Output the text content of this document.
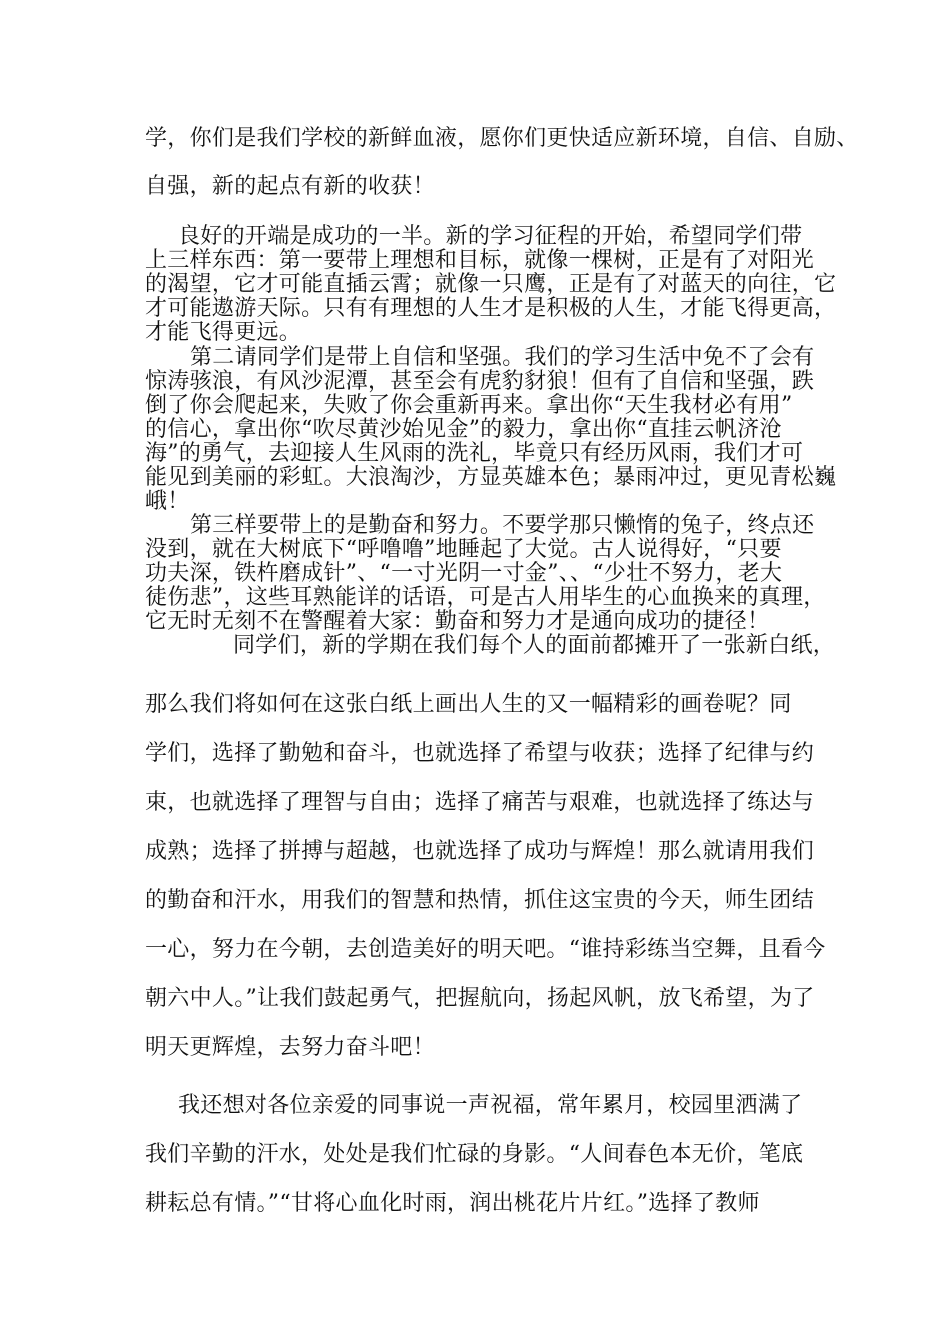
学，你们是我们学校的新鲜血液，愿你们更快适应新环境，自信、自励、
自强，新的起点有新的收获！
良好的开端是成功的一半。新的学习征程的开始，希望同学们带
上三样东西：第一要带上理想和目标，就像一棵树，正是有了对阳光
的渴望，它才可能直插云霄；就像一只鹰，正是有了对蓝天的向往，它
才可能遨游天际。只有有理想的人生才是积极的人生，才能飞得更高，
才能飞得更远。
第二请同学们是带上自信和坚强。我们的学习生活中免不了会有
惊涛骇浪，有风沙泥潭，甚至会有虎豹豺狼！但有了自信和坚强，跌
倒了你会爬起来，失败了你会重新再来。拿出你“天生我材必有用”
的信心，拿出你“吹尽黄沙始见金”的毅力，拿出你“直挂云帆济沧
海”的勇气，去迎接人生风雨的洗礼，毕竟只有经历风雨，我们才可
能见到美丽的彩虹。大浪淘沙，方显英雄本色；暴雨冲过，更见青松巍
峨！
第三样要带上的是勤奋和努力。不要学那只懒惰的兔子，终点还
没到，就在大树底下“呼噜噜”地睡起了大觉。古人说得好，“只要
功夫深，铁杵磨成针”、“一寸光阴一寸金”、、“少壮不努力，老大
徒伤悲”，这些耳熟能详的话语，可是古人用毕生的心血换来的真理，
它无时无刻不在警醒着大家：勤奋和努力才是通向成功的捷径！
同学们，新的学期在我们每个人的面前都摊开了一张新白纸，
那么我们将如何在这张白纸上画出人生的又一幅精彩的画卷呢？同
学们，选择了勤勉和奋斗，也就选择了希望与收获；选择了纪律与约
束，也就选择了理智与自由；选择了痛苦与艰难，也就选择了练达与
成熟；选择了拼搏与超越，也就选择了成功与辉煌！那么就请用我们
的勤奋和汗水，用我们的智慧和热情，抓住这宝贵的今天，师生团结
一心，努力在今朝，去创造美好的明天吧。“谁持彩练当空舞，且看今
朝六中人。”让我们鼓起勇气，把握航向，扬起风帆，放飞希望，为了
明天更辉煌，去努力奋斗吧！
我还想对各位亲爱的同事说一声祝福，常年累月，校园里洒满了
我们辛勤的汗水，处处是我们忙碌的身影。“人间春色本无价，笔底
耕耘总有情。”“甘将心血化时雨，润出桃花片片红。”选择了教师
